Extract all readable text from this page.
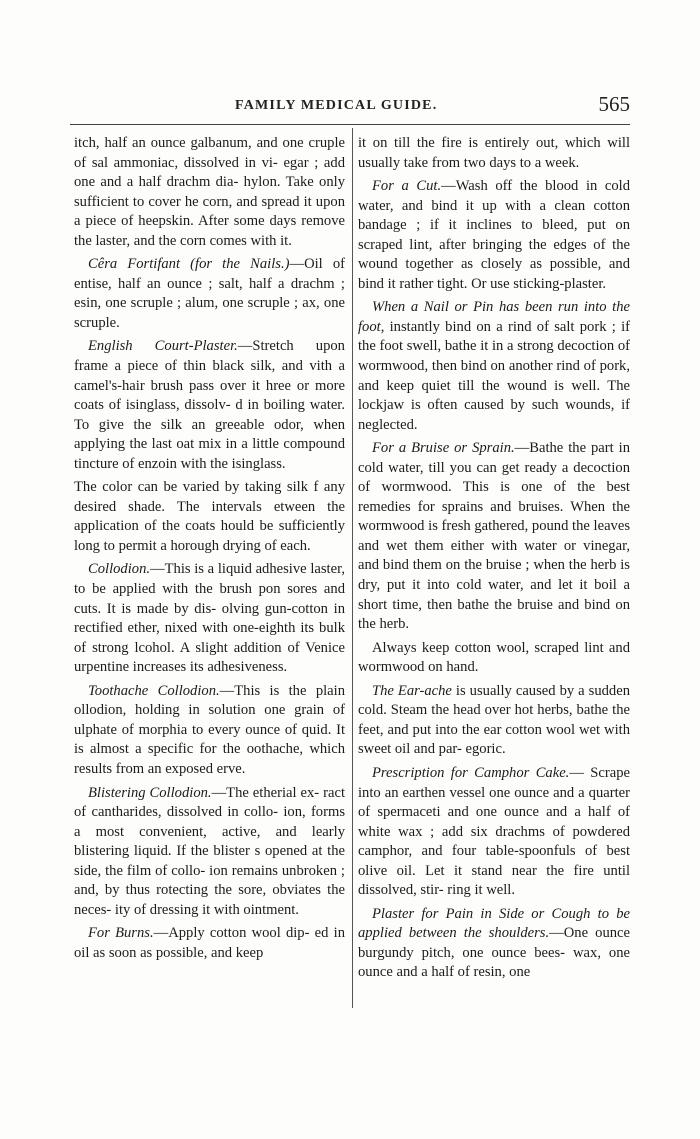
FAMILY MEDICAL GUIDE.	565

itch, half an ounce galbanum, and one cruple of sal ammoniac, dissolved in vi- egar ; add one and a half drachm dia- hylon. Take only sufficient to cover he corn, and spread it upon a piece of heepskin. After some days remove the laster, and the corn comes with it.

Cêra Fortifant (for the Nails.)—Oil of entise, half an ounce ; salt, half a drachm ; esin, one scruple ; alum, one scruple ; ax, one scruple.

English Court-Plaster.—Stretch upon frame a piece of thin black silk, and vith a camel's-hair brush pass over it hree or more coats of isinglass, dissolv- d in boiling water. To give the silk an greeable odor, when applying the last oat mix in a little compound tincture of enzoin with the isinglass.

The color can be varied by taking silk f any desired shade. The intervals etween the application of the coats hould be sufficiently long to permit a horough drying of each.

Collodion.—This is a liquid adhesive laster, to be applied with the brush pon sores and cuts. It is made by dis- olving gun-cotton in rectified ether, nixed with one-eighth its bulk of strong lcohol. A slight addition of Venice urpentine increases its adhesiveness.

Toothache Collodion.—This is the plain ollodion, holding in solution one grain of ulphate of morphia to every ounce of quid. It is almost a specific for the oothache, which results from an exposed erve.

Blistering Collodion.—The etherial ex- ract of cantharides, dissolved in collo- ion, forms a most convenient, active, and learly blistering liquid. If the blister s opened at the side, the film of collo- ion remains unbroken ; and, by thus rotecting the sore, obviates the neces- ity of dressing it with ointment.

For Burns.—Apply cotton wool dip- ed in oil as soon as possible, and keep

it on till the fire is entirely out, which will usually take from two days to a week.

For a Cut.—Wash off the blood in cold water, and bind it up with a clean cotton bandage ; if it inclines to bleed, put on scraped lint, after bringing the edges of the wound together as closely as possible, and bind it rather tight. Or use sticking-plaster.

When a Nail or Pin has been run into the foot, instantly bind on a rind of salt pork ; if the foot swell, bathe it in a strong decoction of wormwood, then bind on another rind of pork, and keep quiet till the wound is well. The lockjaw is often caused by such wounds, if neglected.

For a Bruise or Sprain.—Bathe the part in cold water, till you can get ready a decoction of wormwood. This is one of the best remedies for sprains and bruises. When the wormwood is fresh gathered, pound the leaves and wet them either with water or vinegar, and bind them on the bruise ; when the herb is dry, put it into cold water, and let it boil a short time, then bathe the bruise and bind on the herb.

Always keep cotton wool, scraped lint and wormwood on hand.

The Ear-ache is usually caused by a sudden cold. Steam the head over hot herbs, bathe the feet, and put into the ear cotton wool wet with sweet oil and par- egoric.

Prescription for Camphor Cake.— Scrape into an earthen vessel one ounce and a quarter of spermaceti and one ounce and a half of white wax ; add six drachms of powdered camphor, and four table-spoonfuls of best olive oil. Let it stand near the fire until dissolved, stir- ring it well.

Plaster for Pain in Side or Cough to be applied between the shoulders.—One ounce burgundy pitch, one ounce bees- wax, one ounce and a half of resin, one
